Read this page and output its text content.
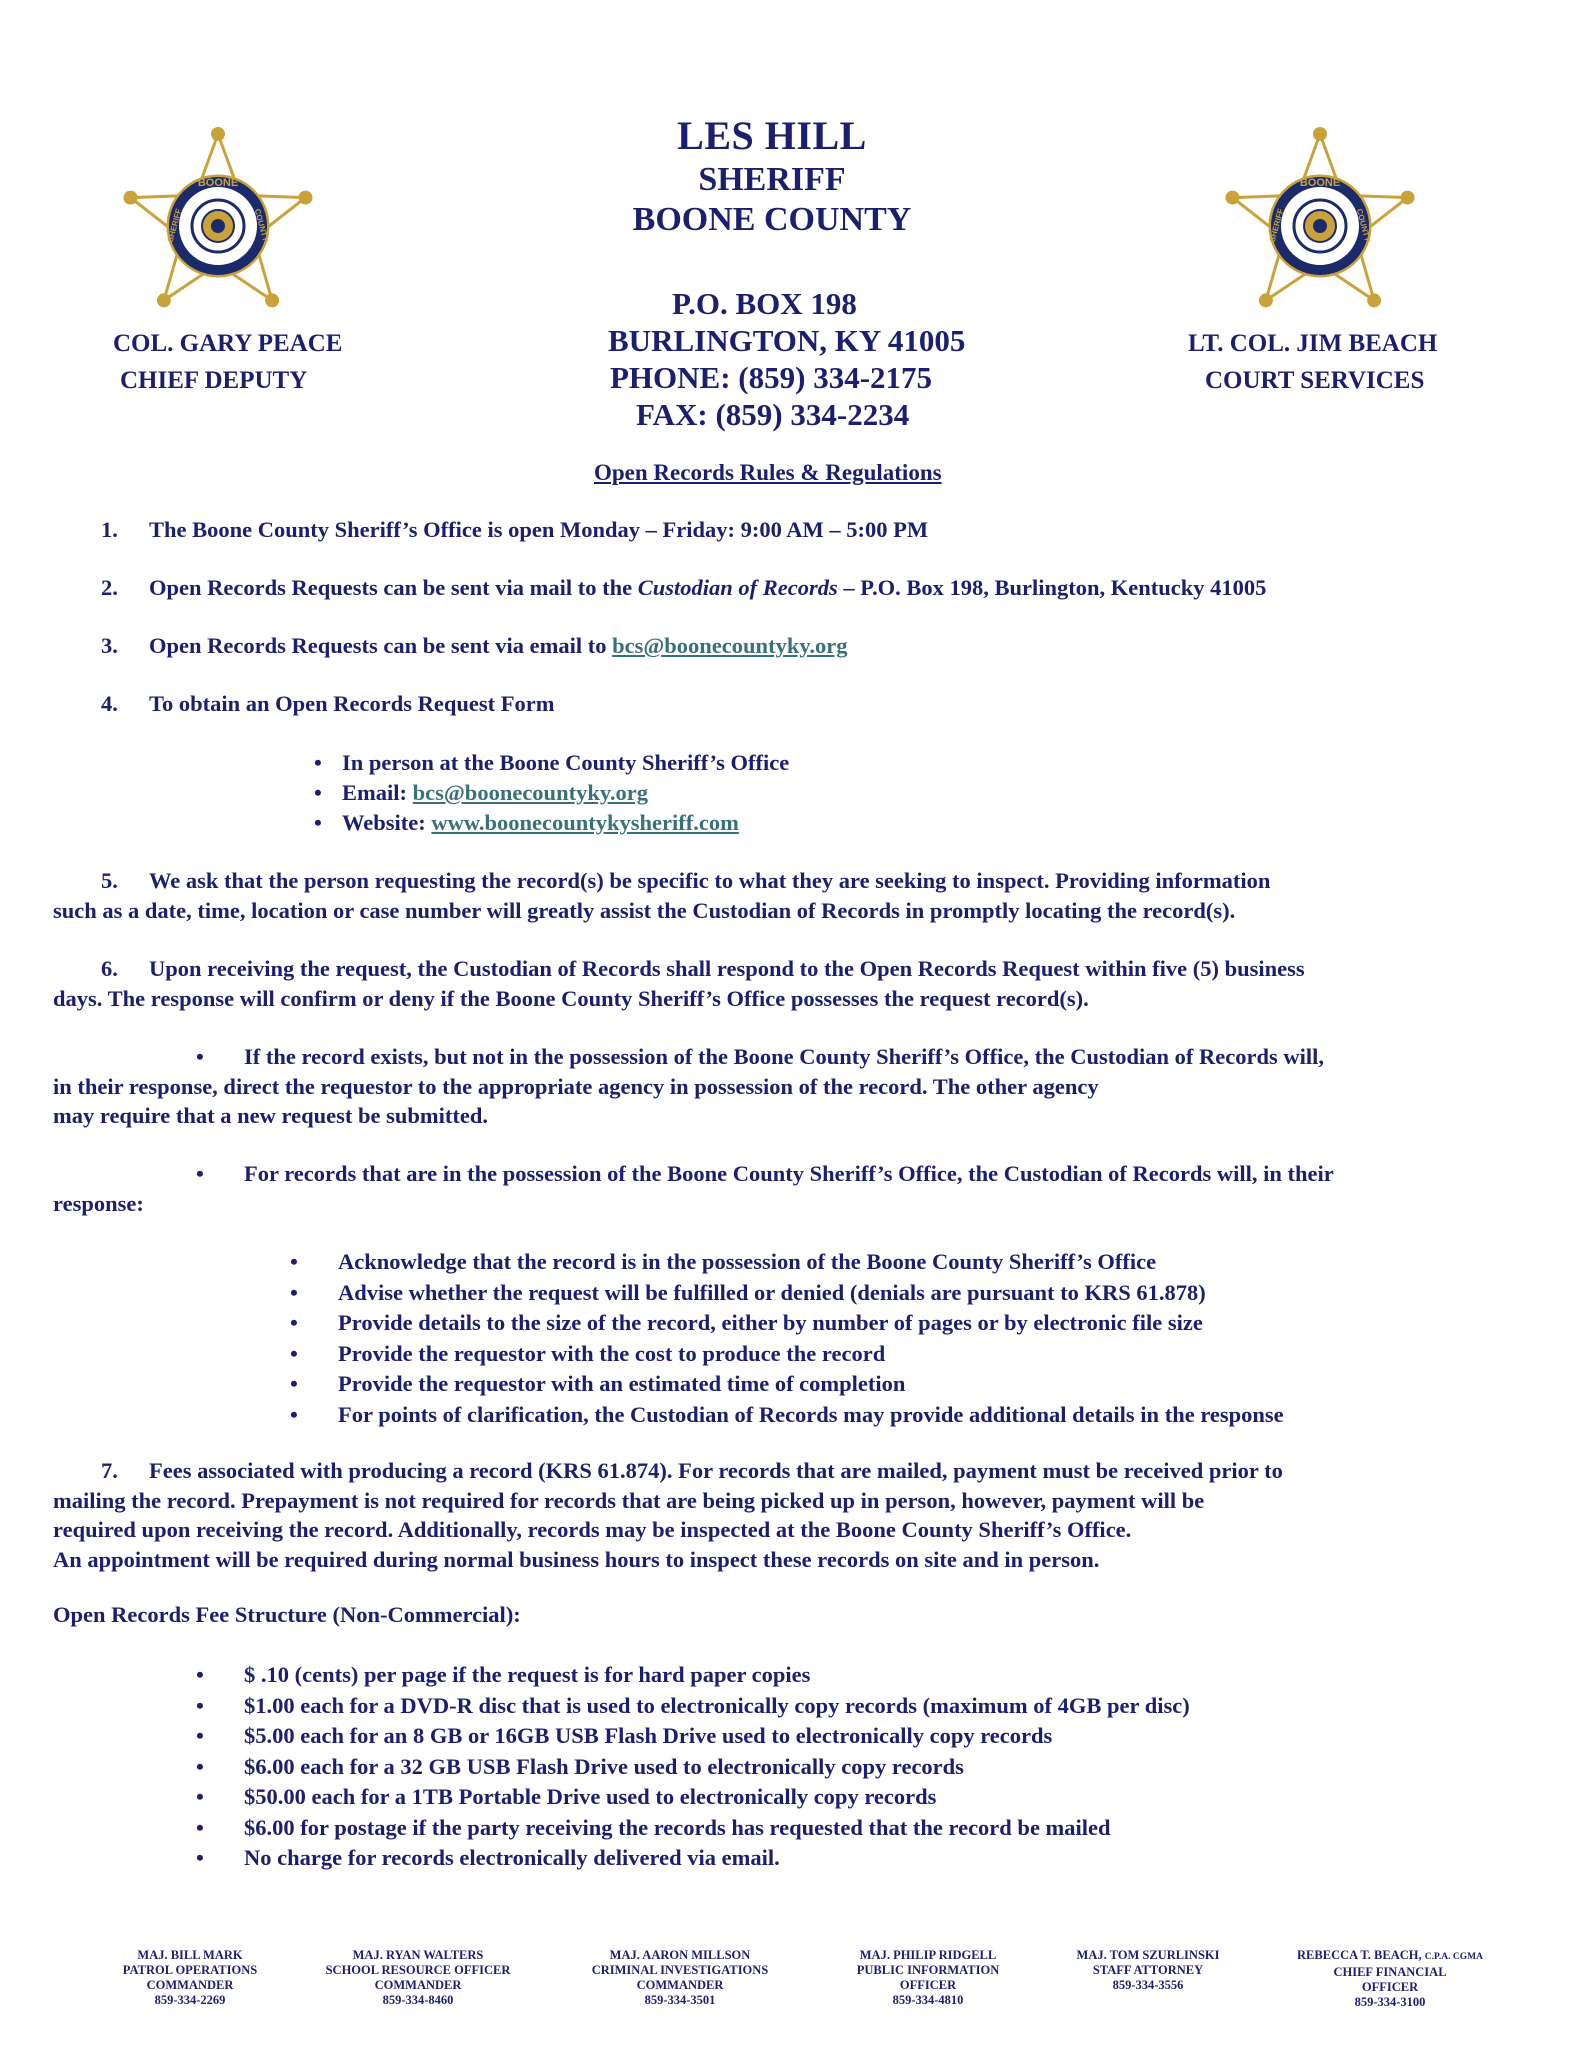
BOONE
SHERIFF	COUNTY
BOONE
SHERIFF	COUNTY
LES HILL
SHERIFF
BOONE COUNTY
P.O. BOX 198
BURLINGTON, KY 41005
PHONE: (859) 334-2175
FAX: (859) 334-2234
COL. GARY PEACE
CHIEF DEPUTY
LT. COL. JIM BEACH
COURT SERVICES
Open Records Rules & Regulations
1. The Boone County Sheriff’s Office is open Monday – Friday: 9:00 AM – 5:00 PM
2. Open Records Requests can be sent via mail to the Custodian of Records – P.O. Box 198, Burlington, Kentucky 41005
3. Open Records Requests can be sent via email to bcs@boonecountyky.org
4. To obtain an Open Records Request Form
• In person at the Boone County Sheriff’s Office
• Email: bcs@boonecountyky.org
• Website: www.boonecountykysheriff.com
5. We ask that the person requesting the record(s) be specific to what they are seeking to inspect. Providing information
such as a date, time, location or case number will greatly assist the Custodian of Records in promptly locating the record(s).
6. Upon receiving the request, the Custodian of Records shall respond to the Open Records Request within five (5) business
days. The response will confirm or deny if the Boone County Sheriff’s Office possesses the request record(s).
• If the record exists, but not in the possession of the Boone County Sheriff’s Office, the Custodian of Records will,
in their response, direct the requestor to the appropriate agency in possession of the record. The other agency
may require that a new request be submitted.
• For records that are in the possession of the Boone County Sheriff’s Office, the Custodian of Records will, in their
response:
• Acknowledge that the record is in the possession of the Boone County Sheriff’s Office
• Advise whether the request will be fulfilled or denied (denials are pursuant to KRS 61.878)
• Provide details to the size of the record, either by number of pages or by electronic file size
• Provide the requestor with the cost to produce the record
• Provide the requestor with an estimated time of completion
• For points of clarification, the Custodian of Records may provide additional details in the response
7. Fees associated with producing a record (KRS 61.874). For records that are mailed, payment must be received prior to
mailing the record. Prepayment is not required for records that are being picked up in person, however, payment will be
required upon receiving the record. Additionally, records may be inspected at the Boone County Sheriff’s Office.
An appointment will be required during normal business hours to inspect these records on site and in person.
Open Records Fee Structure (Non-Commercial):
• $ .10 (cents) per page if the request is for hard paper copies
• $1.00 each for a DVD-R disc that is used to electronically copy records (maximum of 4GB per disc)
• $5.00 each for an 8 GB or 16GB USB Flash Drive used to electronically copy records
• $6.00 each for a 32 GB USB Flash Drive used to electronically copy records
• $50.00 each for a 1TB Portable Drive used to electronically copy records
• $6.00 for postage if the party receiving the records has requested that the record be mailed
• No charge for records electronically delivered via email.
MAJ. BILL MARK
PATROL OPERATIONS
COMMANDER
859-334-2269
MAJ. RYAN WALTERS
SCHOOL RESOURCE OFFICER
COMMANDER
859-334-8460
MAJ. AARON MILLSON
CRIMINAL INVESTIGATIONS
COMMANDER
859-334-3501
MAJ. PHILIP RIDGELL
PUBLIC INFORMATION
OFFICER
859-334-4810
MAJ. TOM SZURLINSKI
STAFF ATTORNEY
859-334-3556
REBECCA T. BEACH, C.P.A. CGMA
CHIEF FINANCIAL
OFFICER
859-334-3100
